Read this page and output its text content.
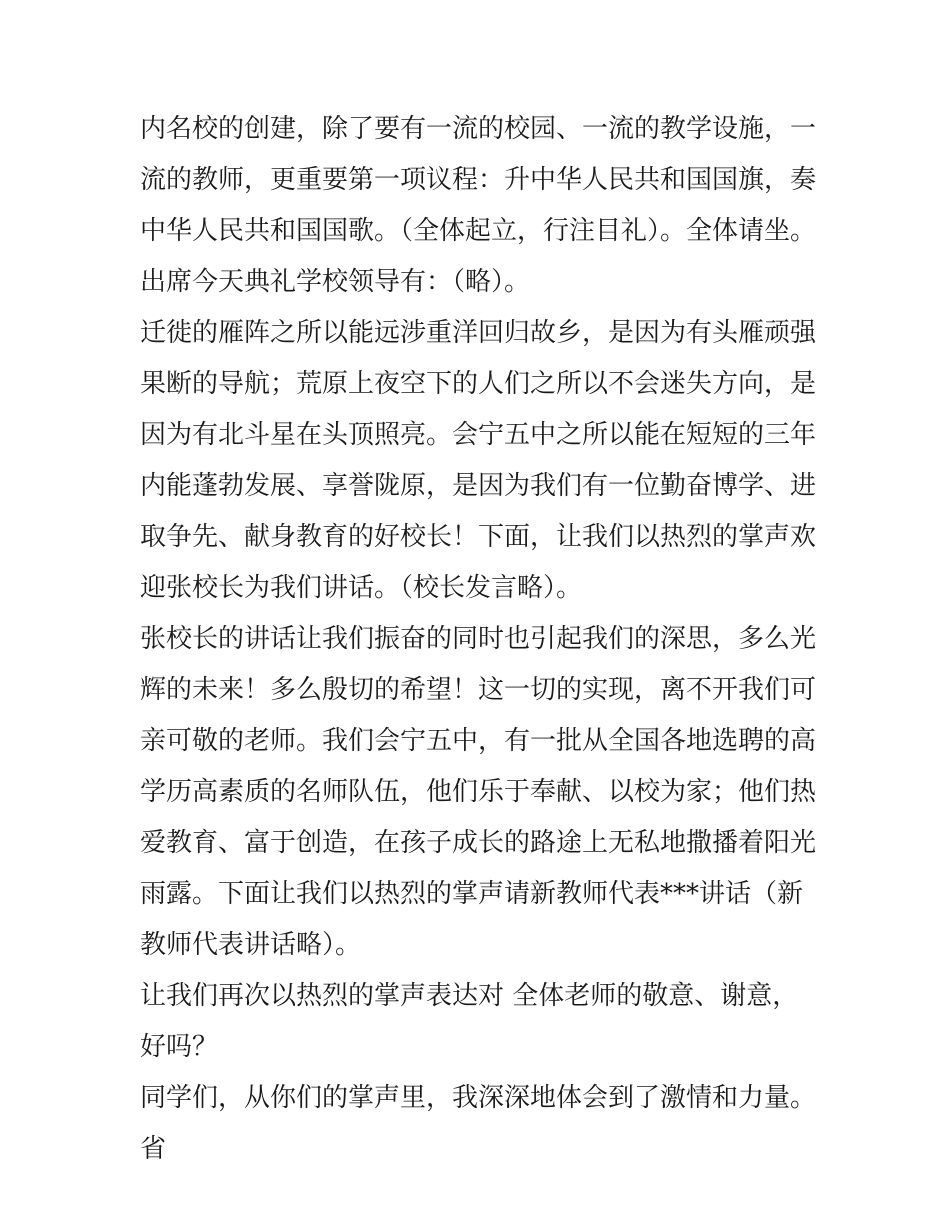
内名校的创建，除了要有一流的校园、一流的教学设施，一流的教师，更重要第一项议程：升中华人民共和国国旗，奏中华人民共和国国歌。（全体起立，行注目礼）。全体请坐。

出席今天典礼学校领导有：（略）。

迁徙的雁阵之所以能远涉重洋回归故乡，是因为有头雁顽强果断的导航；荒原上夜空下的人们之所以不会迷失方向，是因为有北斗星在头顶照亮。会宁五中之所以能在短短的三年内能蓬勃发展、享誉陇原，是因为我们有一位勤奋博学、进取争先、献身教育的好校长！下面，让我们以热烈的掌声欢迎张校长为我们讲话。（校长发言略）。

张校长的讲话让我们振奋的同时也引起我们的深思，多么光辉的未来！多么殷切的希望！这一切的实现，离不开我们可亲可敬的老师。我们会宁五中，有一批从全国各地选聘的高学历高素质的名师队伍，他们乐于奉献、以校为家；他们热爱教育、富于创造，在孩子成长的路途上无私地撒播着阳光雨露。下面让我们以热烈的掌声请新教师代表***讲话（新教师代表讲话略）。

让我们再次以热烈的掌声表达对 全体老师的敬意、谢意，好吗？

同学们，从你们的掌声里，我深深地体会到了激情和力量。省
